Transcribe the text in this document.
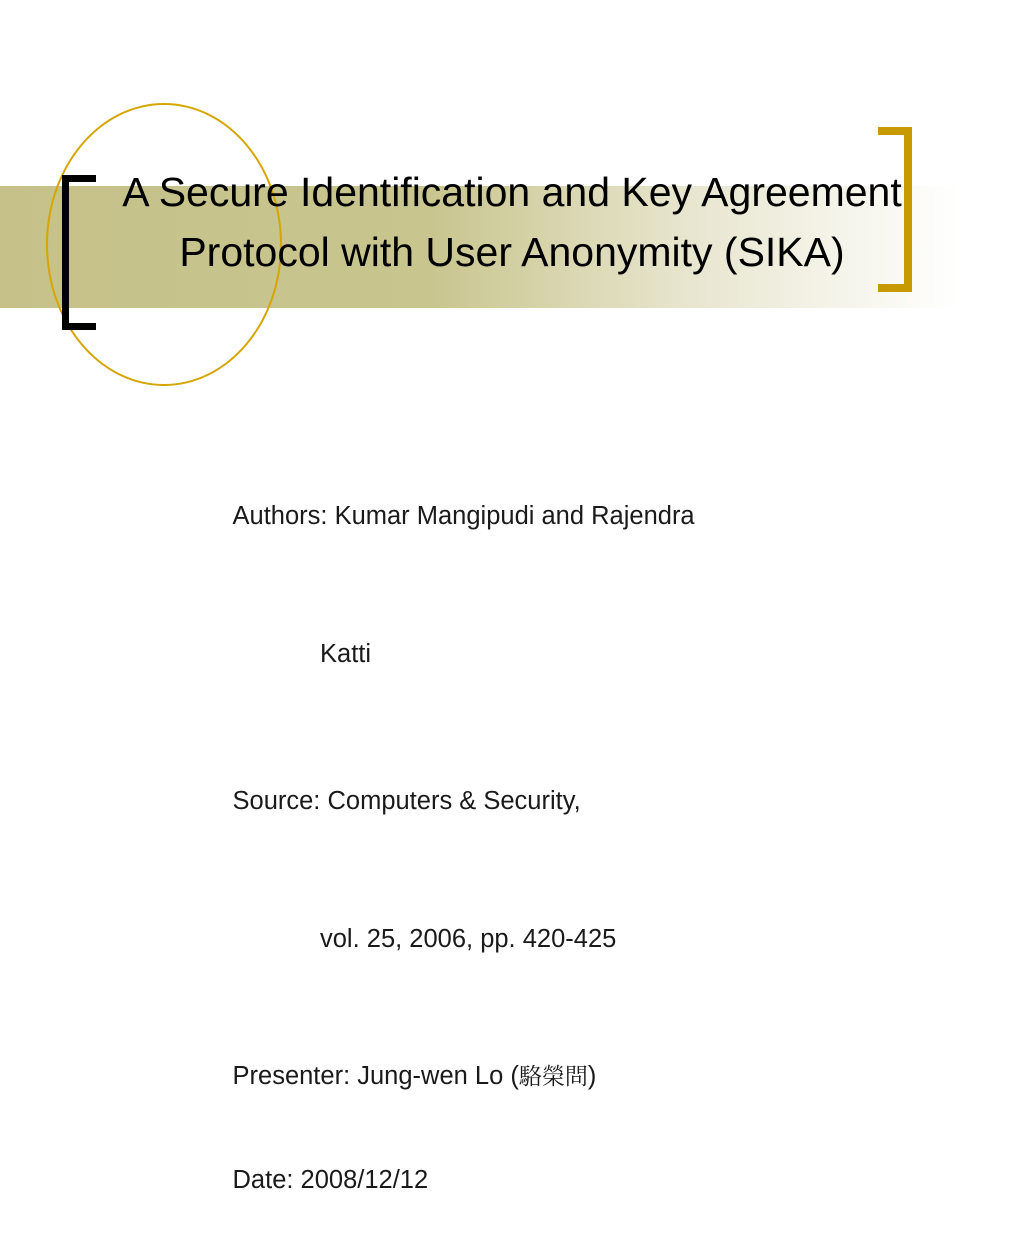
A Secure Identification and Key Agreement Protocol with User Anonymity (SIKA)

Authors: Kumar Mangipudi and Rajendra

Katti

Source: Computers & Security,

vol. 25, 2006, pp. 420-425

Presenter: Jung-wen Lo (駱榮問)

Date: 2008/12/12
